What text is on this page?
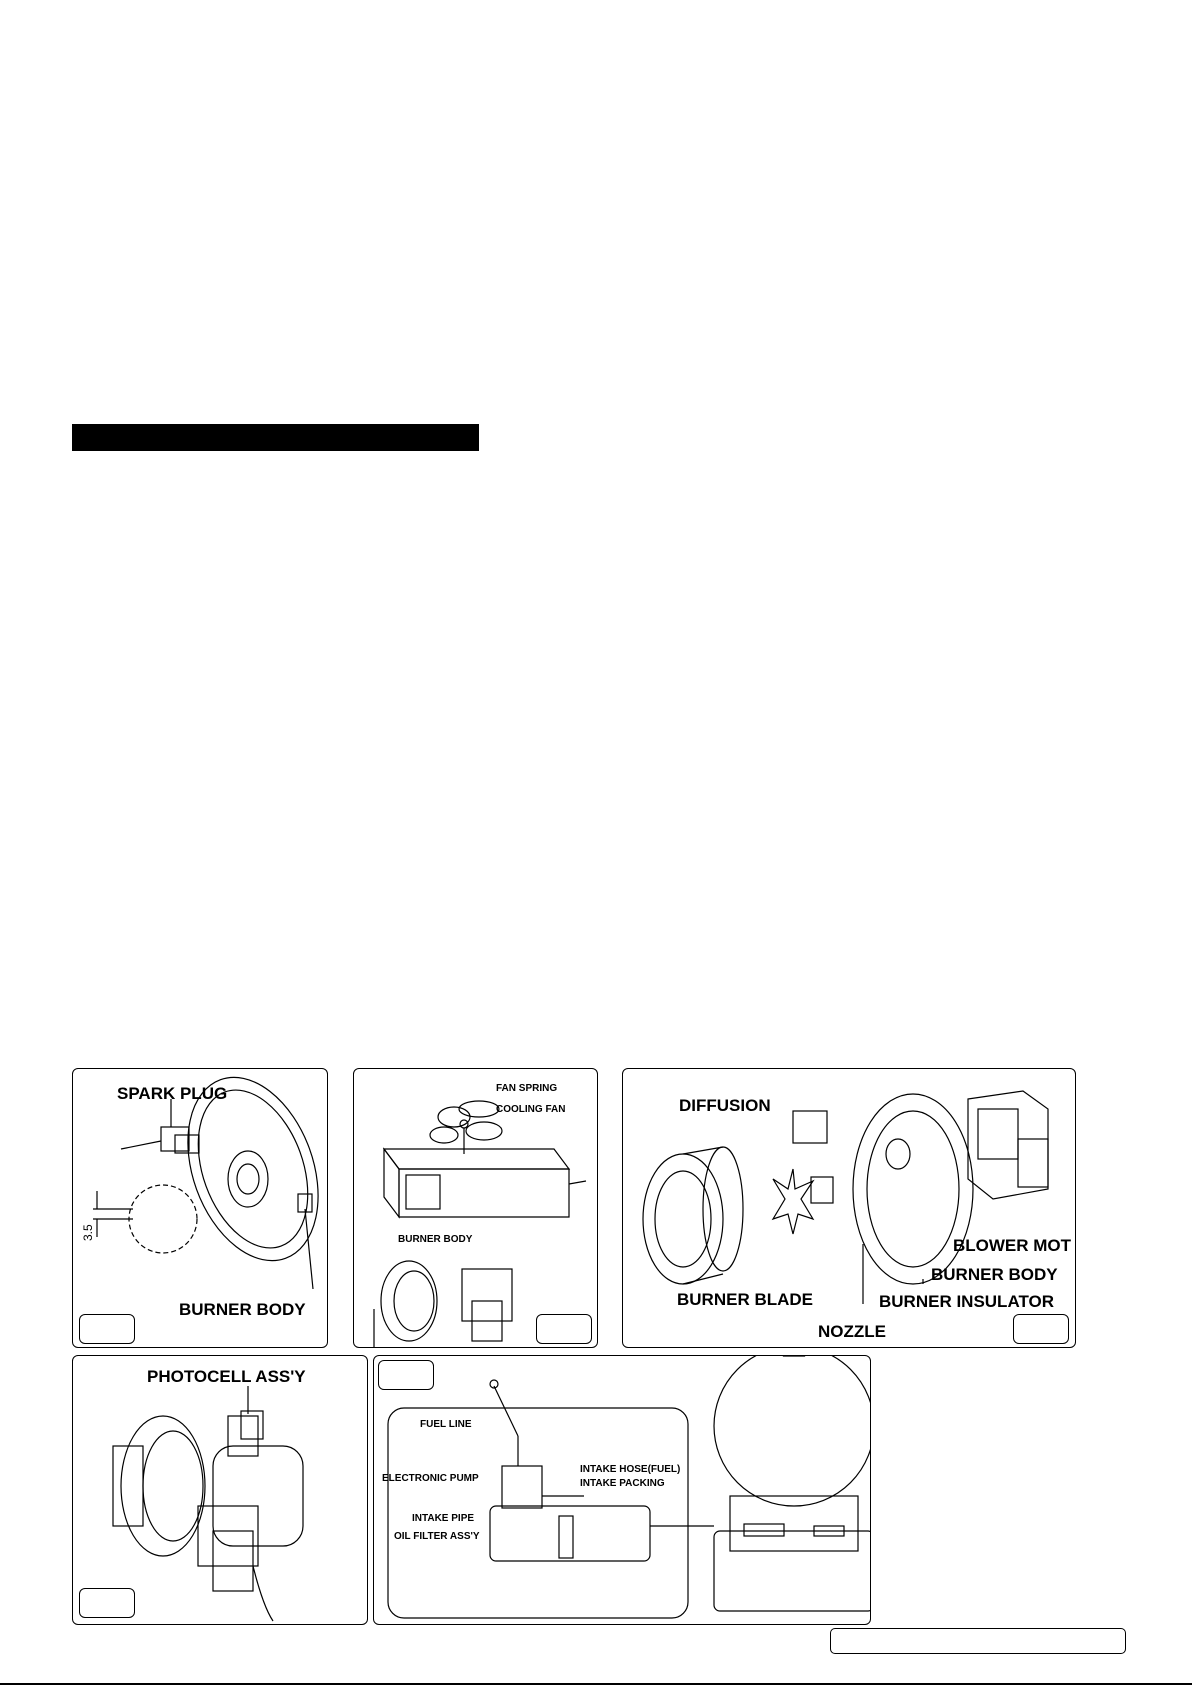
SPARK PLUG
BURNER BODY
3.5
FAN SPRING
COOLING FAN
BURNER BODY
DIFFUSION
BURNER BLADE
NOZZLE
BURNER INSULATOR
BURNER BODY
BLOWER MOT
PHOTOCELL ASS'Y
FUEL LINE
ELECTRONIC PUMP
INTAKE PIPE
OIL FILTER ASS'Y
INTAKE HOSE(FUEL)
INTAKE PACKING
